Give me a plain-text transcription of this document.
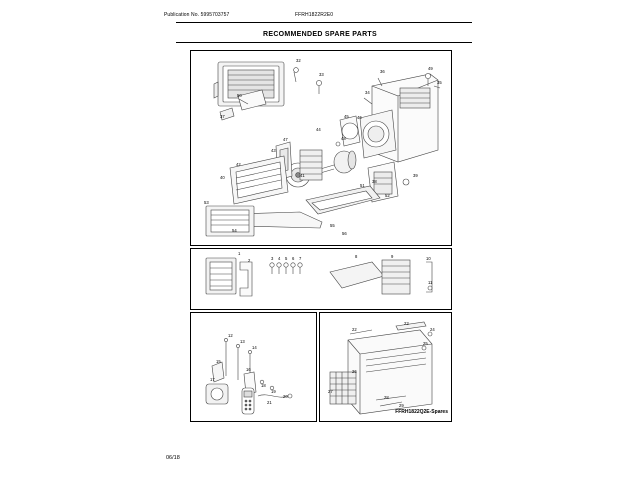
Publication No. 5995703757	FFRH1822R2E0
RECOMMENDED SPARE PARTS
32
33
36
49
35
34
50
37	45 46
44
47
43
48
42
40	41
38
39
51
52
53
54
55
56
1
2	3 4 5 6 7	8	9	10
11
12
13
14
15
16
17
18
19
20
21
22
23
24
25
26
27
28
29
FFRH1822Q2E-Spares
06/18
